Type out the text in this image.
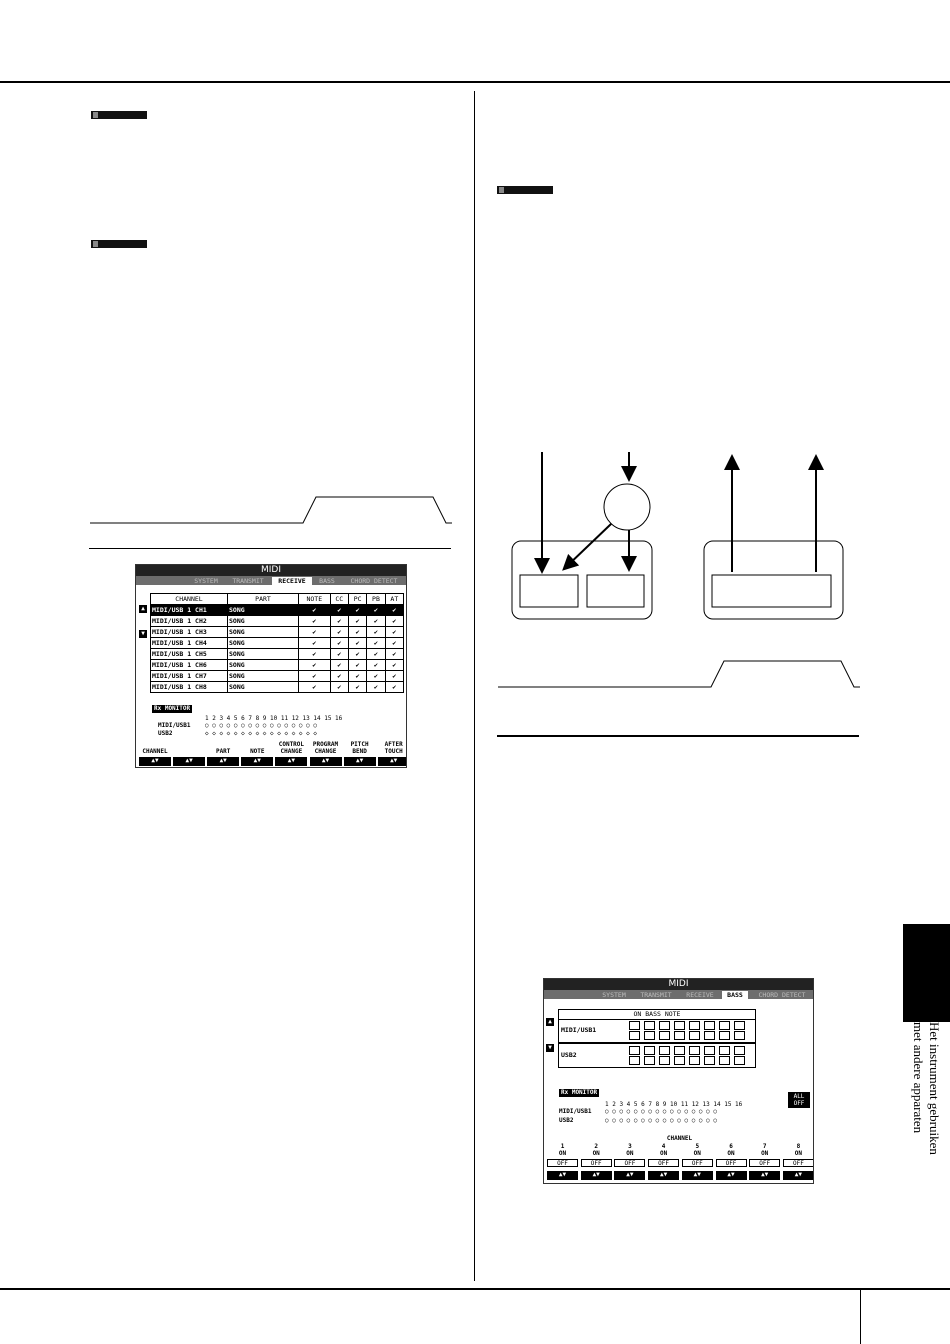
MIDI
SYSTEM	TRANSMIT	RECEIVE	BASS	CHORD DETECT
▲
▼
CHANNEL	PART	NOTE	CC	PC	PB	AT
MIDI/USB 1 CH1	SONG	✔	✔	✔	✔	✔
MIDI/USB 1 CH2	SONG	✔	✔	✔	✔	✔
MIDI/USB 1 CH3	SONG	✔	✔	✔	✔	✔
MIDI/USB 1 CH4	SONG	✔	✔	✔	✔	✔
MIDI/USB 1 CH5	SONG	✔	✔	✔	✔	✔
MIDI/USB 1 CH6	SONG	✔	✔	✔	✔	✔
MIDI/USB 1 CH7	SONG	✔	✔	✔	✔	✔
MIDI/USB 1 CH8	SONG	✔	✔	✔	✔	✔
Rx MONITOR
1 2 3 4 5 6 7 8 9 10 11 12 13 14 15 16
MIDI/USB1 ○ ○ ○ ○ ○ ○ ○ ○ ○ ○ ○ ○ ○ ○ ○ ○
USB2	◇ ◇ ◇ ◇ ◇ ◇ ◇ ◇ ◇ ◇ ◇ ◇ ◇ ◇ ◇ ◇
CHANNEL
▲▼	▲▼
PART
▲▼
NOTE
▲▼
CONTROL
CHANGE
▲▼
PROGRAM
CHANGE
▲▼
PITCH
BEND
▲▼
AFTER
TOUCH
▲▼
MIDI
SYSTEM	TRANSMIT	RECEIVE	BASS	CHORD DETECT
▲
▼
ON BASS NOTE
MIDI/USB1
USB2
Rx MONITOR
ALL OFF
1 2 3 4 5 6 7 8 9 10 11 12 13 14 15 16
MIDI/USB1 ○ ○ ○ ○ ○ ○ ○ ○ ○ ○ ○ ○ ○ ○ ○ ○
USB2	○ ○ ○ ○ ○ ○ ○ ○ ○ ○ ○ ○ ○ ○ ○ ○
CHANNEL
1
ON
OFF
▲▼
2
ON
OFF
▲▼
3
ON
OFF
▲▼
4
ON
OFF
▲▼
5
ON
OFF
▲▼
6
ON
OFF
▲▼
7
ON
OFF
▲▼
8
ON
OFF
▲▼
Het instrument gebruiken
met andere apparaten
